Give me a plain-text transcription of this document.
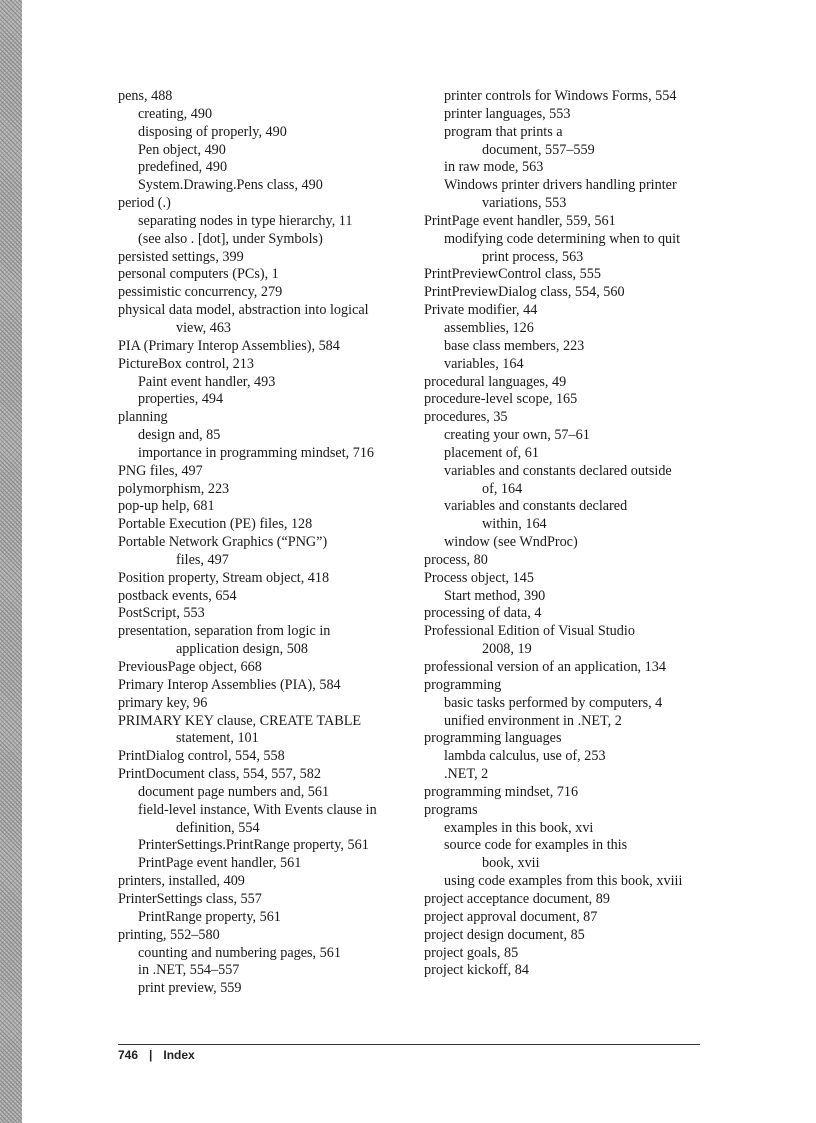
pens, 488

creating, 490

disposing of properly, 490

Pen object, 490

predefined, 490

System.Drawing.Pens class, 490

period (.)

separating nodes in type hierarchy, 11

(see also . [dot], under Symbols)

persisted settings, 399

personal computers (PCs), 1

pessimistic concurrency, 279

physical data model, abstraction into logical

view, 463

PIA (Primary Interop Assemblies), 584

PictureBox control, 213

Paint event handler, 493

properties, 494

planning

design and, 85

importance in programming mindset, 716

PNG files, 497

polymorphism, 223

pop-up help, 681

Portable Execution (PE) files, 128

Portable Network Graphics (“PNG”)

files, 497

Position property, Stream object, 418

postback events, 654

PostScript, 553

presentation, separation from logic in

application design, 508

PreviousPage object, 668

Primary Interop Assemblies (PIA), 584

primary key, 96

PRIMARY KEY clause, CREATE TABLE

statement, 101

PrintDialog control, 554, 558

PrintDocument class, 554, 557, 582

document page numbers and, 561

field-level instance, With Events clause in

definition, 554

PrinterSettings.PrintRange property, 561

PrintPage event handler, 561

printers, installed, 409

PrinterSettings class, 557

PrintRange property, 561

printing, 552–580

counting and numbering pages, 561

in .NET, 554–557

print preview, 559

printer controls for Windows Forms, 554

printer languages, 553

program that prints a

document, 557–559

in raw mode, 563

Windows printer drivers handling printer

variations, 553

PrintPage event handler, 559, 561

modifying code determining when to quit

print process, 563

PrintPreviewControl class, 555

PrintPreviewDialog class, 554, 560

Private modifier, 44

assemblies, 126

base class members, 223

variables, 164

procedural languages, 49

procedure-level scope, 165

procedures, 35

creating your own, 57–61

placement of, 61

variables and constants declared outside

of, 164

variables and constants declared

within, 164

window (see WndProc)

process, 80

Process object, 145

Start method, 390

processing of data, 4

Professional Edition of Visual Studio

2008, 19

professional version of an application, 134

programming

basic tasks performed by computers, 4

unified environment in .NET, 2

programming languages

lambda calculus, use of, 253

.NET, 2

programming mindset, 716

programs

examples in this book, xvi

source code for examples in this

book, xvii

using code examples from this book, xviii

project acceptance document, 89

project approval document, 87

project design document, 85

project goals, 85

project kickoff, 84

746 | Index
